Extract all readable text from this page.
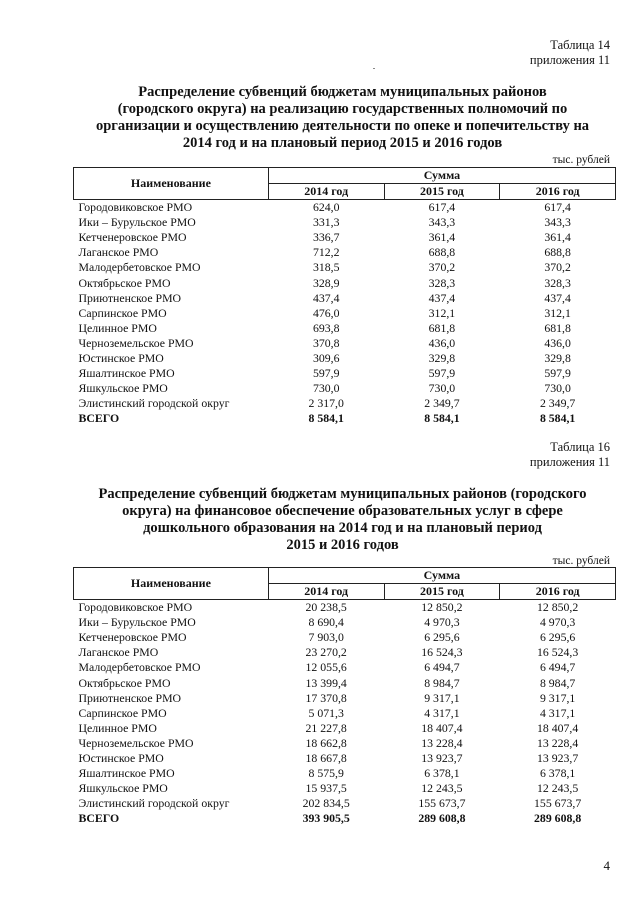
Таблица 14
приложения 11
Распределение субвенций бюджетам муниципальных районов
(городского округа) на реализацию государственных полномочий по
организации и осуществлению деятельности по опеке и попечительству на
2014 год и на плановый период 2015 и 2016 годов
тыс. рублей
Наименование	Сумма		
	2014 год	2015 год	2016 год
Городовиковское РМО	624,0	617,4	617,4
Ики – Бурульское РМО	331,3	343,3	343,3
Кетченеровское РМО	336,7	361,4	361,4
Лаганское РМО	712,2	688,8	688,8
Малодербетовское РМО	318,5	370,2	370,2
Октябрьское РМО	328,9	328,3	328,3
Приютненское РМО	437,4	437,4	437,4
Сарпинское РМО	476,0	312,1	312,1
Целинное РМО	693,8	681,8	681,8
Черноземельское РМО	370,8	436,0	436,0
Юстинское РМО	309,6	329,8	329,8
Яшалтинское РМО	597,9	597,9	597,9
Яшкульское РМО	730,0	730,0	730,0
Элистинский городской округ	2 317,0	2 349,7	2 349,7
ВСЕГО	8 584,1	8 584,1	8 584,1
Таблица 16
приложения 11
Распределение субвенций бюджетам муниципальных районов (городского
округа) на финансовое обеспечение образовательных услуг в сфере
дошкольного образования на 2014 год и на плановый период
2015 и 2016 годов
тыс. рублей
Наименование	Сумма		
	2014 год	2015 год	2016 год
Городовиковское РМО	20 238,5	12 850,2	12 850,2
Ики – Бурульское РМО	8 690,4	4 970,3	4 970,3
Кетченеровское РМО	7 903,0	6 295,6	6 295,6
Лаганское РМО	23 270,2	16 524,3	16 524,3
Малодербетовское РМО	12 055,6	6 494,7	6 494,7
Октябрьское РМО	13 399,4	8 984,7	8 984,7
Приютненское РМО	17 370,8	9 317,1	9 317,1
Сарпинское РМО	5 071,3	4 317,1	4 317,1
Целинное РМО	21 227,8	18 407,4	18 407,4
Черноземельское РМО	18 662,8	13 228,4	13 228,4
Юстинское РМО	18 667,8	13 923,7	13 923,7
Яшалтинское РМО	8 575,9	6 378,1	6 378,1
Яшкульское РМО	15 937,5	12 243,5	12 243,5
Элистинский городской округ	202 834,5	155 673,7	155 673,7
ВСЕГО	393 905,5	289 608,8	289 608,8
4
